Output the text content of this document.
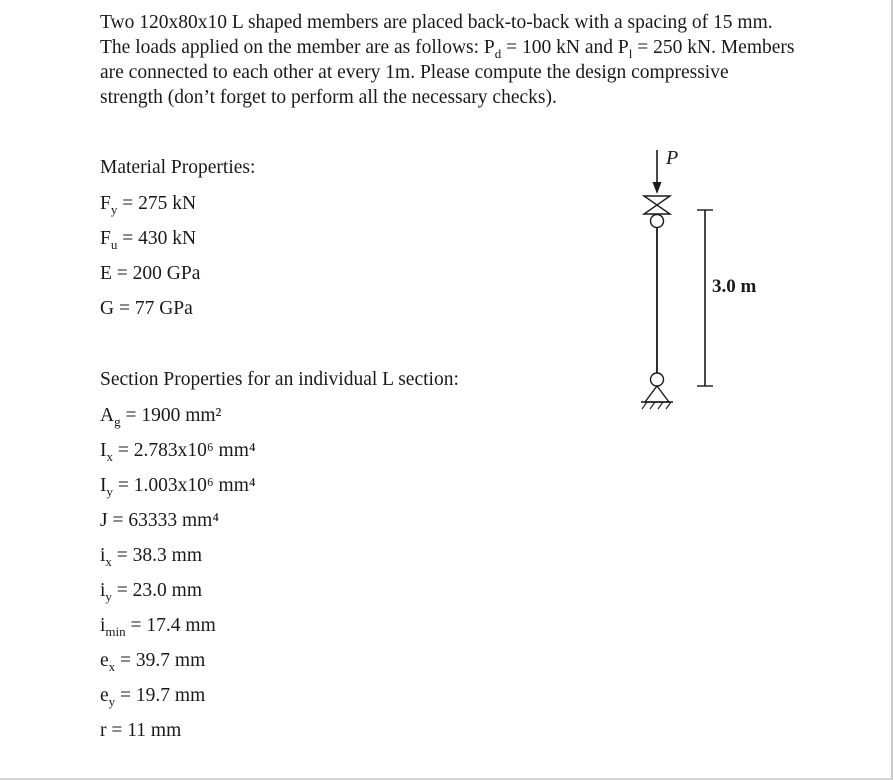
Two 120x80x10 L shaped members are placed back-to-back with a spacing of 15 mm. The loads applied on the member are as follows: $P_d = 100$ kN and $P_l = 250$ kN. Members are connected to each other at every 1m. Please compute the design compressive strength (don’t forget to perform all the necessary checks).

Material Properties:
$F_y = 275$ kN
$F_u = 430$ kN
E = 200 GPa
G = 77 GPa
Section Properties for an individual L section:
$A_g = 1900$ mm²
$I_x = 2.783x10^6$ mm⁴
$I_y = 1.003x10^6$ mm⁴
J = 63333 mm⁴
$i_x = 38.3$ mm
$i_y = 23.0$ mm
$i_{min} = 17.4$ mm
$e_x = 39.7$ mm
$e_y = 19.7$ mm
r = 11 mm
P
3.0 m
